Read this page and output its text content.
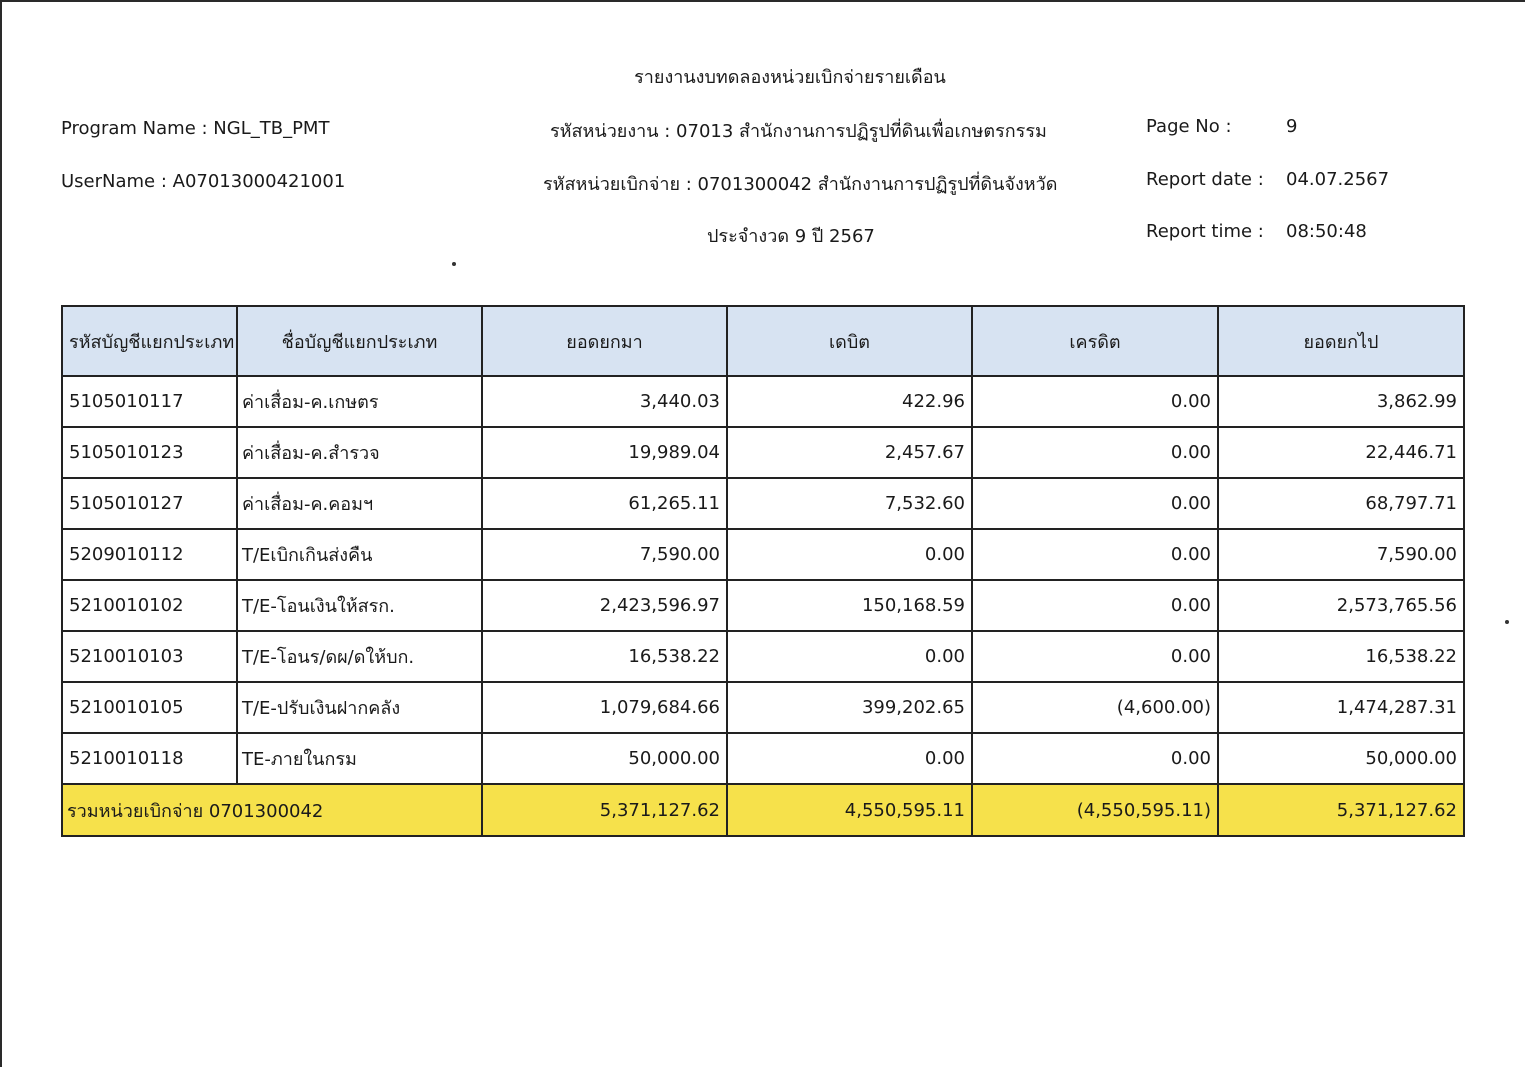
รายงานงบทดลองหน่วยเบิกจ่ายรายเดือน
Program Name : NGL_TB_PMT
UserName : A07013000421001
รหัสหน่วยงาน : 07013 สำนักงานการปฏิรูปที่ดินเพื่อเกษตรกรรม
รหัสหน่วยเบิกจ่าย : 0701300042 สำนักงานการปฏิรูปที่ดินจังหวัด
ประจำงวด 9 ปี 2567
Page No :	9
Report date : 04.07.2567
Report time : 08:50:48
รหัสบัญชีแยกประเภท	ชื่อบัญชีแยกประเภท	ยอดยกมา	เดบิต	เครดิต	ยอดยกไป
5105010117	ค่าเสื่อม-ค.เกษตร	3,440.03	422.96	0.00	3,862.99
5105010123	ค่าเสื่อม-ค.สำรวจ	19,989.04	2,457.67	0.00	22,446.71
5105010127	ค่าเสื่อม-ค.คอมฯ	61,265.11	7,532.60	0.00	68,797.71
5209010112	T/Eเบิกเกินส่งคืน	7,590.00	0.00	0.00	7,590.00
5210010102	T/E-โอนเงินให้สรก.	2,423,596.97	150,168.59	0.00	2,573,765.56
5210010103	T/E-โอนร/ดผ/ดให้บก.	16,538.22	0.00	0.00	16,538.22
5210010105	T/E-ปรับเงินฝากคลัง	1,079,684.66	399,202.65	(4,600.00)	1,474,287.31
5210010118	TE-ภายในกรม	50,000.00	0.00	0.00	50,000.00
รวมหน่วยเบิกจ่าย 0701300042		5,371,127.62	4,550,595.11	(4,550,595.11)	5,371,127.62
